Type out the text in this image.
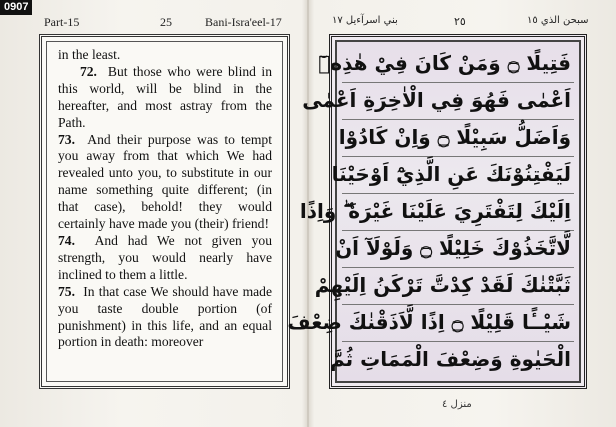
0907
Part-15	25	Bani-Isra'eel-17	بني اسرآءيل ١٧	٢٥	سبحن الذي ١٥

in the least.

72. But those who were blind in this world, will be blind in the hereafter, and most astray from the Path.

73. And their purpose was to tempt you away from that which We had revealed unto you, to substitute in our name something quite different; (in that case), behold! they would certainly have made you (their) friend!

74. And had We not given you strength, you would nearly have inclined to them a little.

75. In that case We should have made you taste double portion (of punishment) in this life, and an equal portion in death: moreover

فَتِيلًا ۝ وَمَنْ كَانَ فِيْ هٰذِهٖٓ
اَعْمٰى فَهُوَ فِي الْاٰخِرَةِ اَعْمٰى
وَاَضَلُّ سَبِيْلًا ۝ وَاِنْ كَادُوْا
لَيَفْتِنُوْنَكَ عَنِ الَّذِيْٓ اَوْحَيْنَا
اِلَيْكَ لِتَفْتَرِيَ عَلَيْنَا غَيْرَهٗ ۖ وَاِذًا
لَّاتَّخَذُوْكَ خَلِيْلًا ۝ وَلَوْلَآ اَنْ
ثَبَّتْنٰكَ لَقَدْ كِدْتَّ تَرْكَنُ اِلَيْهِمْ
شَيْــًٔا قَلِيْلًا ۝ اِذًا لَّاَذَقْنٰكَ ضِعْفَ
الْحَيٰوةِ وَضِعْفَ الْمَمَاتِ ثُمَّ
منزل ٤
